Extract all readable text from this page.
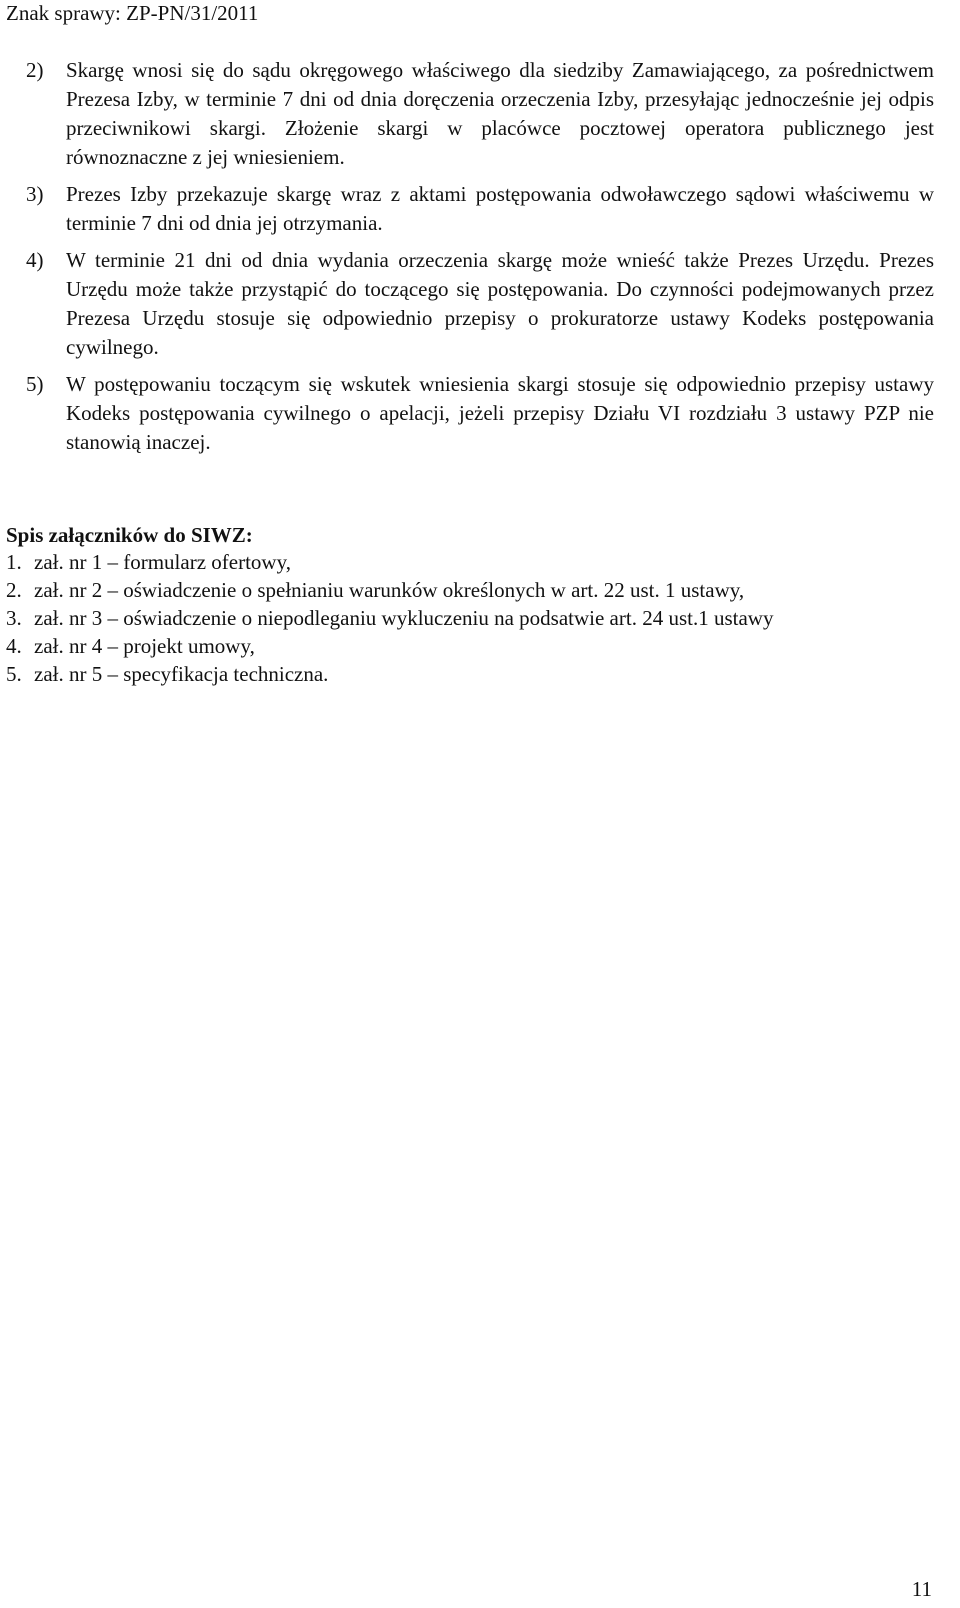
Znak sprawy: ZP-PN/31/2011
2)	Skargę wnosi się do sądu okręgowego właściwego dla siedziby Zamawiającego, za pośrednictwem Prezesa Izby, w terminie 7 dni od dnia doręczenia orzeczenia Izby, przesyłając jednocześnie jej odpis przeciwnikowi skargi. Złożenie skargi w placówce pocztowej operatora publicznego jest równoznaczne z jej wniesieniem.
3)	Prezes Izby przekazuje skargę wraz z aktami postępowania odwoławczego sądowi właściwemu w terminie 7 dni od dnia jej otrzymania.
4)	W terminie 21 dni od dnia wydania orzeczenia skargę może wnieść także Prezes Urzędu. Prezes Urzędu może także przystąpić do toczącego się postępowania. Do czynności podejmowanych przez Prezesa Urzędu stosuje się odpowiednio przepisy o prokuratorze ustawy Kodeks postępowania cywilnego.
5)	W postępowaniu toczącym się wskutek wniesienia skargi stosuje się odpowiednio przepisy ustawy Kodeks postępowania cywilnego o apelacji, jeżeli przepisy Działu VI rozdziału 3 ustawy PZP nie stanowią inaczej.
Spis załączników do SIWZ:
1. zał. nr 1 – formularz ofertowy,
2. zał. nr 2 – oświadczenie o spełnianiu warunków określonych w art. 22 ust. 1 ustawy,
3. zał. nr 3 – oświadczenie o niepodleganiu wykluczeniu na podsatwie art. 24 ust.1 ustawy
4. zał. nr 4 – projekt umowy,
5. zał. nr 5 – specyfikacja techniczna.
11
